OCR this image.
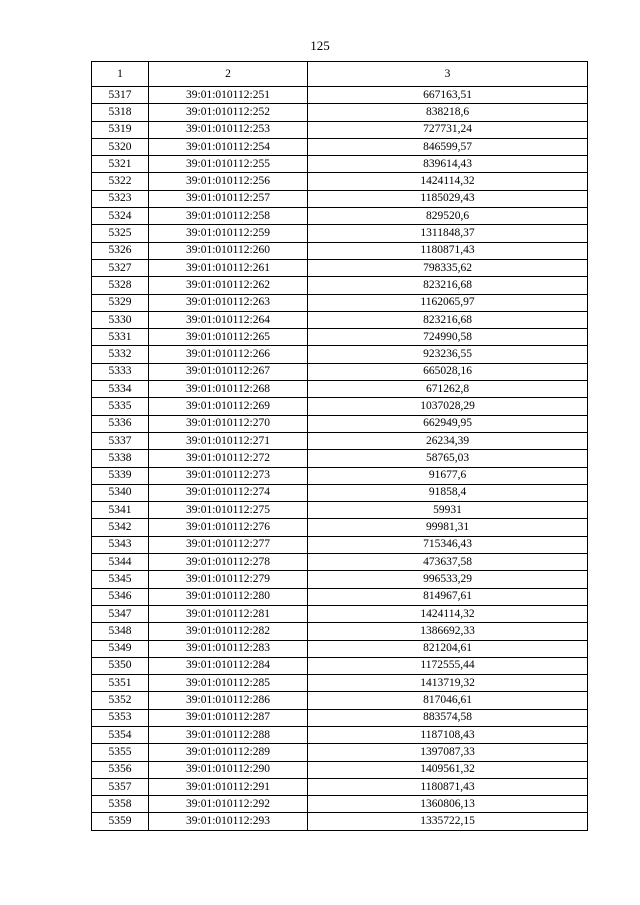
125
1	2	3
5317	39:01:010112:251	667163,51
5318	39:01:010112:252	838218,6
5319	39:01:010112:253	727731,24
5320	39:01:010112:254	846599,57
5321	39:01:010112:255	839614,43
5322	39:01:010112:256	1424114,32
5323	39:01:010112:257	1185029,43
5324	39:01:010112:258	829520,6
5325	39:01:010112:259	1311848,37
5326	39:01:010112:260	1180871,43
5327	39:01:010112:261	798335,62
5328	39:01:010112:262	823216,68
5329	39:01:010112:263	1162065,97
5330	39:01:010112:264	823216,68
5331	39:01:010112:265	724990,58
5332	39:01:010112:266	923236,55
5333	39:01:010112:267	665028,16
5334	39:01:010112:268	671262,8
5335	39:01:010112:269	1037028,29
5336	39:01:010112:270	662949,95
5337	39:01:010112:271	26234,39
5338	39:01:010112:272	58765,03
5339	39:01:010112:273	91677,6
5340	39:01:010112:274	91858,4
5341	39:01:010112:275	59931
5342	39:01:010112:276	99981,31
5343	39:01:010112:277	715346,43
5344	39:01:010112:278	473637,58
5345	39:01:010112:279	996533,29
5346	39:01:010112:280	814967,61
5347	39:01:010112:281	1424114,32
5348	39:01:010112:282	1386692,33
5349	39:01:010112:283	821204,61
5350	39:01:010112:284	1172555,44
5351	39:01:010112:285	1413719,32
5352	39:01:010112:286	817046,61
5353	39:01:010112:287	883574,58
5354	39:01:010112:288	1187108,43
5355	39:01:010112:289	1397087,33
5356	39:01:010112:290	1409561,32
5357	39:01:010112:291	1180871,43
5358	39:01:010112:292	1360806,13
5359	39:01:010112:293	1335722,15
